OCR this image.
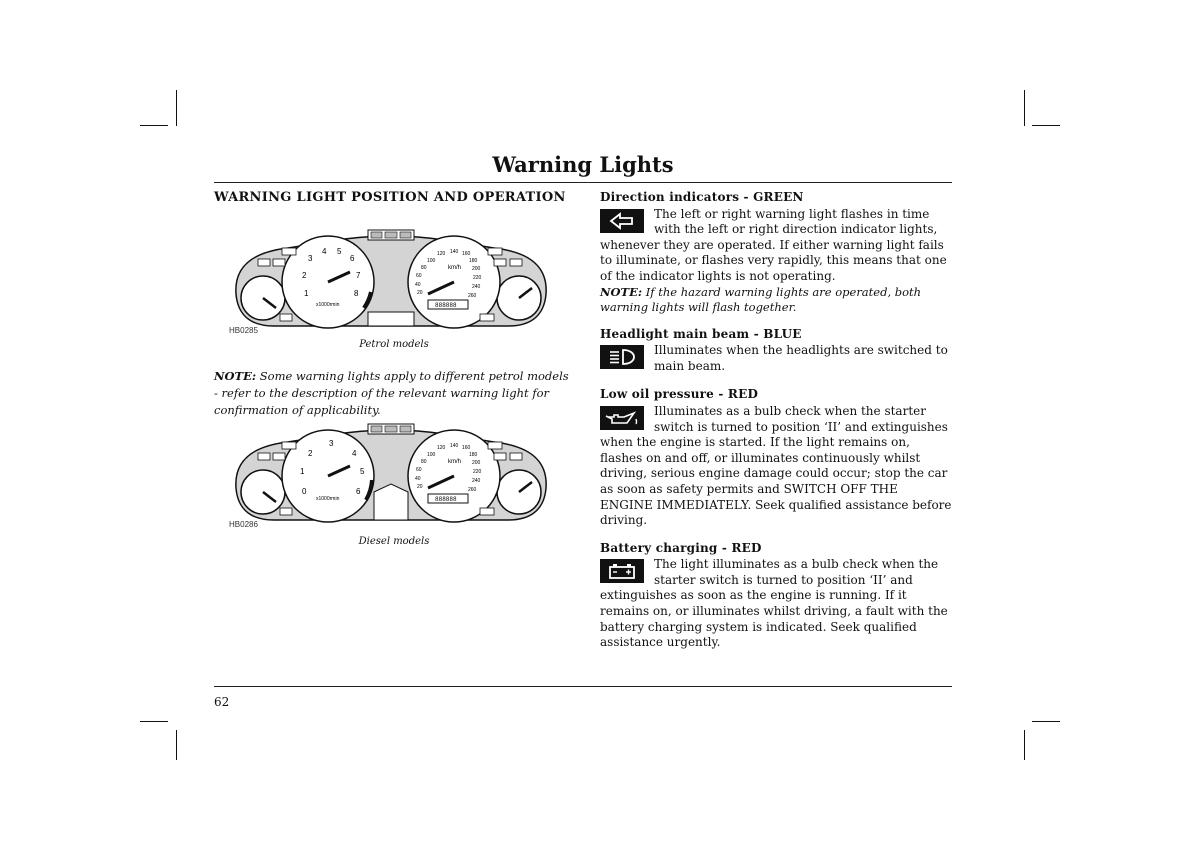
Warning Lights
WARNING LIGHT POSITION AND OPERATION
1
2
3
4 5
6
7
8
x1000rmin	888888
20
40
60
80
100
120 140 160
180
200
220
240
260
km/h
HB0285
Petrol models

NOTE: Some warning lights apply to different petrol models - refer to the description of the relevant warning light for confirmation of applicability.

0
1
2
3
4
5
6
x1000rmin	888888
20
40
60
80
100
120 140 160
180
200
220
240
260
km/h
HB0286
Diesel models
Direction indicators - GREEN

The left or right warning light flashes in time with the left or right direction indicator lights, whenever they are operated. If either warning light fails to illuminate, or flashes very rapidly, this means that one of the indicator lights is not operating.

NOTE: If the hazard warning lights are operated, both warning lights will flash together.

Headlight main beam - BLUE

Illuminates when the headlights are switched to main beam.

Low oil pressure - RED

Illuminates as a bulb check when the starter switch is turned to position ‘II’ and extinguishes when the engine is started. If the light remains on, flashes on and off, or illuminates continuously whilst driving, serious engine damage could occur; stop the car as soon as safety permits and SWITCH OFF THE ENGINE IMMEDIATELY. Seek qualified assistance before driving.

Battery charging - RED

The light illuminates as a bulb check when the starter switch is turned to position ‘II’ and extinguishes as soon as the engine is running. If it remains on, or illuminates whilst driving, a fault with the battery charging system is indicated. Seek qualified assistance urgently.

62
